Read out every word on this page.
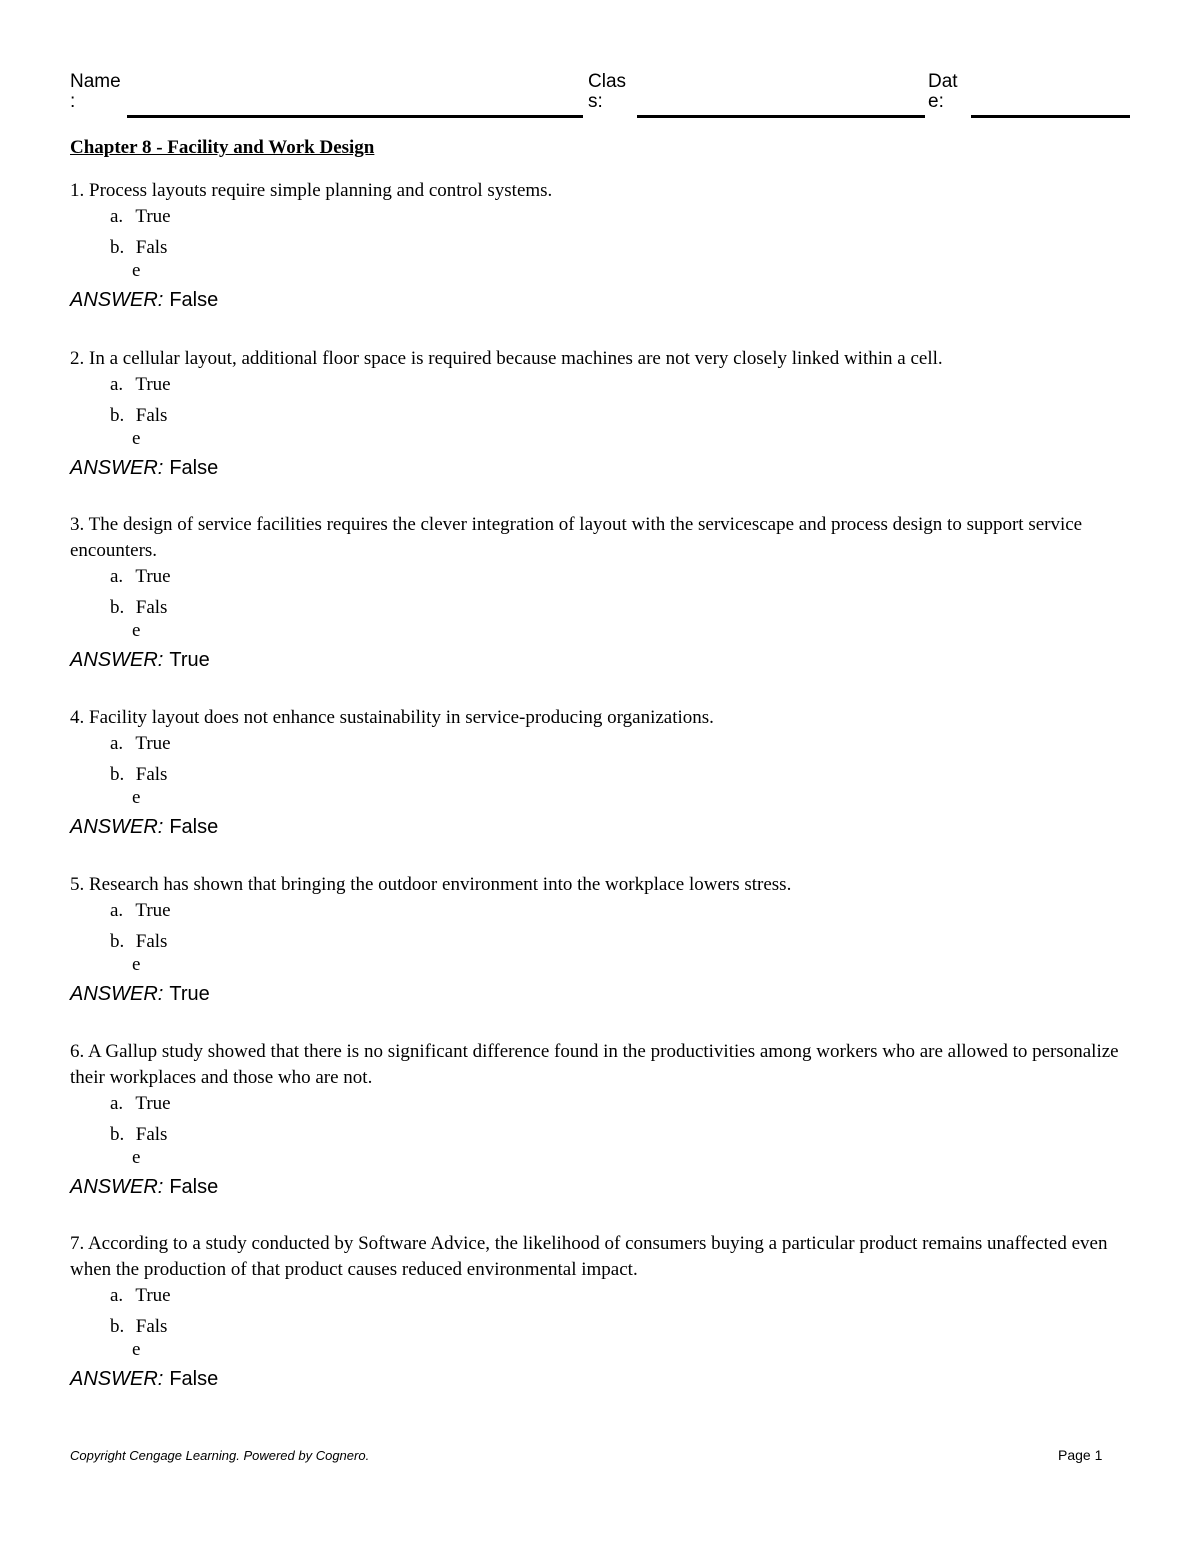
Name
:
Clas
s:
Dat
e:
Chapter 8 - Facility and Work Design

1. Process layouts require simple planning and control systems.

a. True
b. Fals
e
ANSWER: False

2. In a cellular layout, additional floor space is required because machines are not very closely linked within a cell.

a. True
b. Fals
e
ANSWER: False

3. The design of service facilities requires the clever integration of layout with the servicescape and process design to support service encounters.

a. True
b. Fals
e
ANSWER: True

4. Facility layout does not enhance sustainability in service-producing organizations.

a. True
b. Fals
e
ANSWER: False

5. Research has shown that bringing the outdoor environment into the workplace lowers stress.

a. True
b. Fals
e
ANSWER: True

6. A Gallup study showed that there is no significant difference found in the productivities among workers who are allowed to personalize their workplaces and those who are not.

a. True
b. Fals
e
ANSWER: False

7. According to a study conducted by Software Advice, the likelihood of consumers buying a particular product remains unaffected even when the production of that product causes reduced environmental impact.

a. True
b. Fals
e
ANSWER: False
Copyright Cengage Learning. Powered by Cognero.	Page 1
